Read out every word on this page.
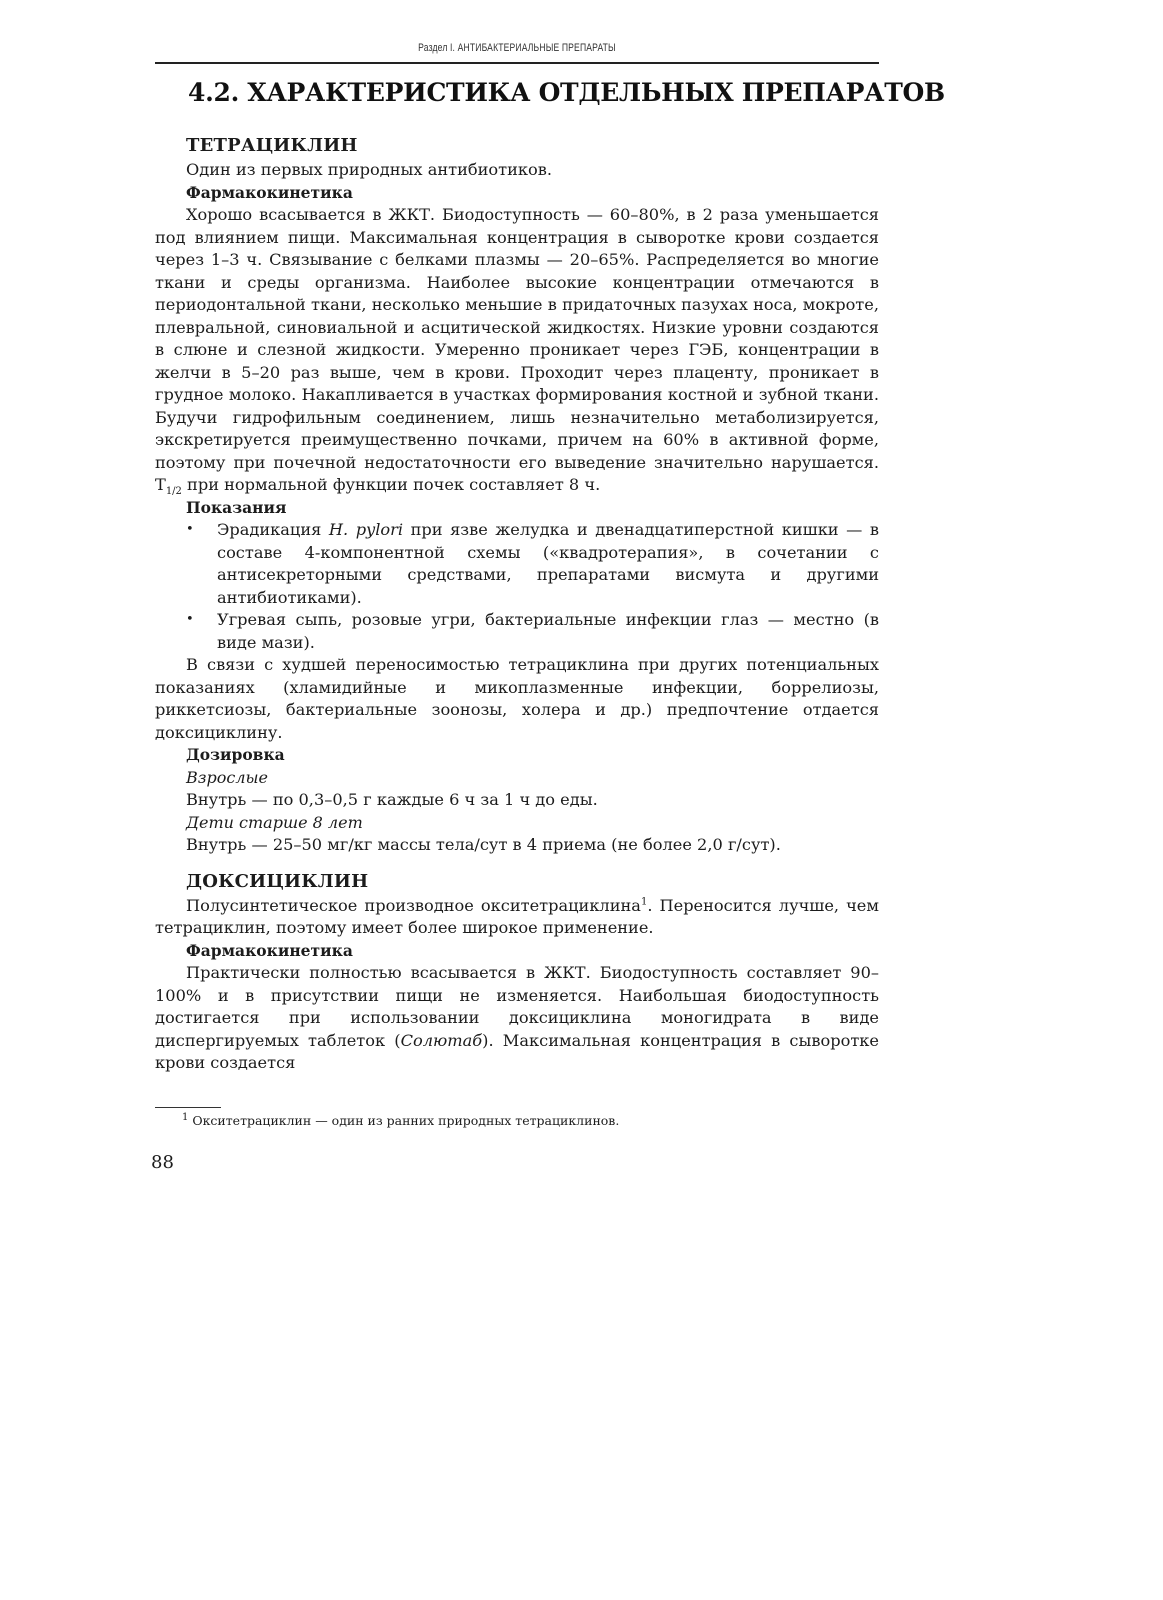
Раздел I. АНТИБАКТЕРИАЛЬНЫЕ ПРЕПАРАТЫ
4.2. ХАРАКТЕРИСТИКА ОТДЕЛЬНЫХ ПРЕПАРАТОВ
ТЕТРАЦИКЛИН

Один из первых природных антибиотиков.

Фармакокинетика

Хорошо всасывается в ЖКТ. Биодоступность — 60–80%, в 2 раза уменьшается под влиянием пищи. Максимальная концентрация в сыворотке крови создается через 1–3 ч. Связывание с белками плазмы — 20–65%. Распределяется во многие ткани и среды организма. Наиболее высокие концентрации отмечаются в периодонтальной ткани, несколько меньшие в придаточных пазухах носа, мокроте, плевральной, синовиальной и асцитической жидкостях. Низкие уровни создаются в слюне и слезной жидкости. Умеренно проникает через ГЭБ, концентрации в желчи в 5–20 раз выше, чем в крови. Проходит через плаценту, проникает в грудное молоко. Накапливается в участках формирования костной и зубной ткани. Будучи гидрофильным соединением, лишь незначительно метаболизируется, экскретируется преимущественно почками, причем на 60% в активной форме, поэтому при почечной недостаточности его выведение значительно нарушается. $T_{1/2}$ при нормальной функции почек составляет 8 ч.

Показания
• Эрадикация H. pylori при язве желудка и двенадцатиперстной кишки — в составе 4-компонентной схемы («квадротерапия», в сочетании с антисекреторными средствами, препаратами висмута и другими антибиотиками).
• Угревая сыпь, розовые угри, бактериальные инфекции глаз — местно (в виде мази).

В связи с худшей переносимостью тетрациклина при других потенциальных показаниях (хламидийные и микоплазменные инфекции, боррелиозы, риккетсиозы, бактериальные зоонозы, холера и др.) предпочтение отдается доксициклину.

Дозировка
Взрослые

Внутрь — по 0,3–0,5 г каждые 6 ч за 1 ч до еды.

Дети старше 8 лет

Внутрь — 25–50 мг/кг массы тела/сут в 4 приема (не более 2,0 г/сут).

ДОКСИЦИКЛИН

Полусинтетическое производное окситетрациклина$^1$. Переносится лучше, чем тетрациклин, поэтому имеет более широкое применение.

Фармакокинетика

Практически полностью всасывается в ЖКТ. Биодоступность составляет 90–100% и в присутствии пищи не изменяется. Наибольшая биодоступность достигается при использовании доксициклина моногидрата в виде диспергируемых таблеток (Солютаб). Максимальная концентрация в сыворотке крови создается

$^1$ Окситетрациклин — один из ранних природных тетрациклинов.
88
